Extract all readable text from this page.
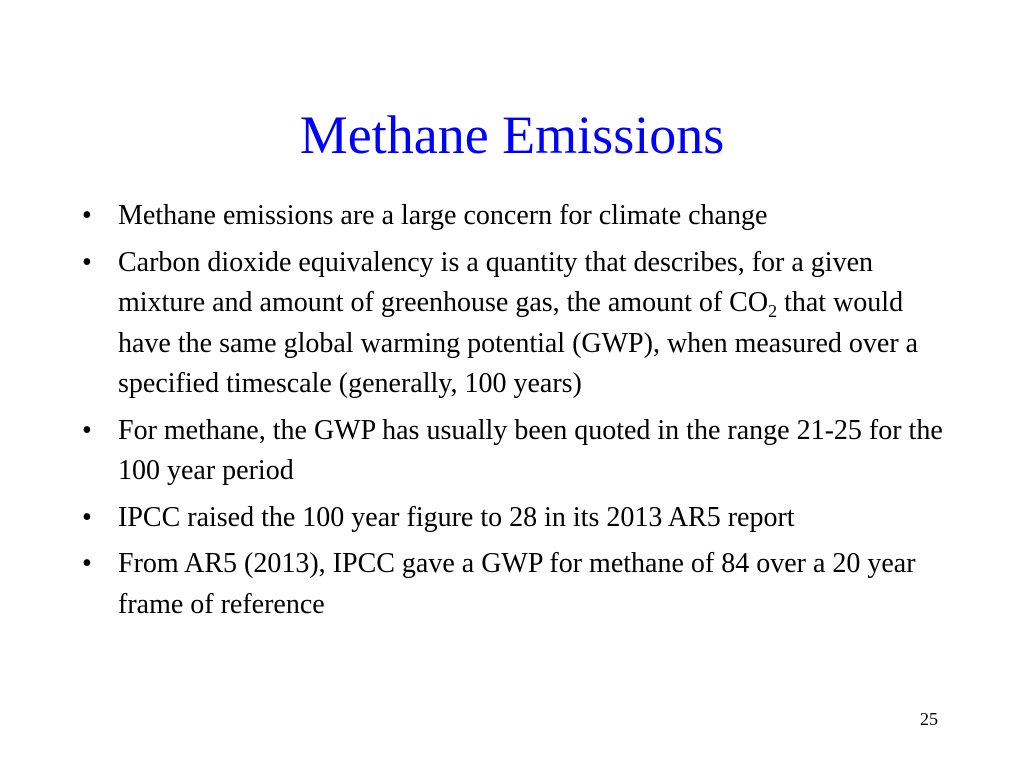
Methane Emissions
• Methane emissions are a large concern for climate change
• Carbon dioxide equivalency is a quantity that describes, for a given mixture and amount of greenhouse gas, the amount of $CO_2$ that would have the same global warming potential (GWP), when measured over a specified timescale (generally, 100 years)
• For methane, the GWP has usually been quoted in the range 21-25 for the 100 year period
• IPCC raised the 100 year figure to 28 in its 2013 AR5 report
• From AR5 (2013), IPCC gave a GWP for methane of 84 over a 20 year frame of reference
25
